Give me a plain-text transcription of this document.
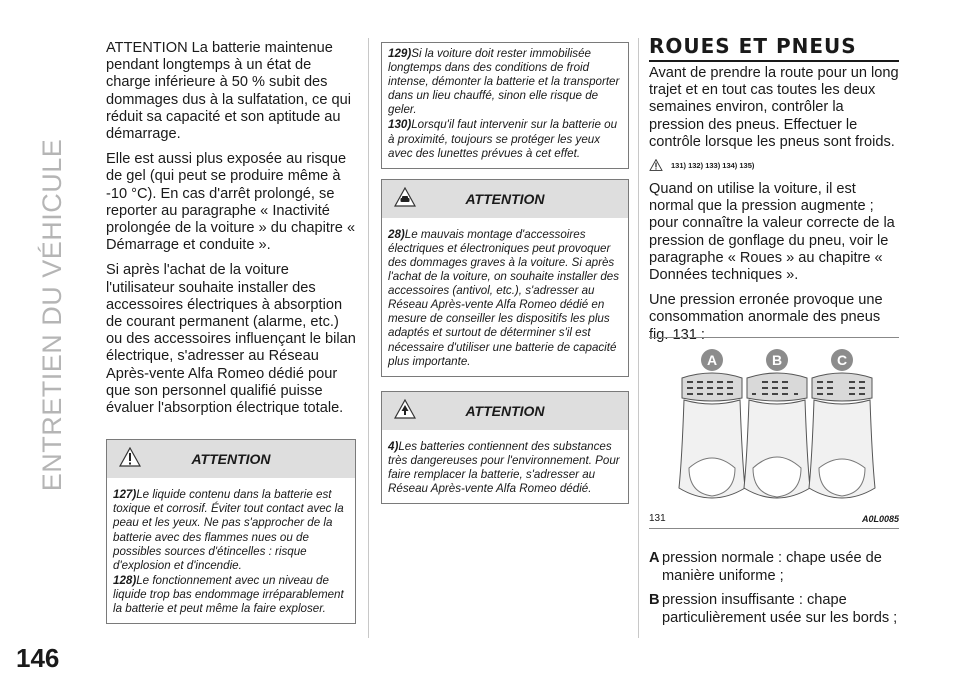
ENTRETIEN DU VÉHICULE
146

ATTENTION La batterie maintenue pendant longtemps à un état de charge inférieure à 50 % subit des dommages dus à la sulfatation, ce qui réduit sa capacité et son aptitude au démarrage.

Elle est aussi plus exposée au risque de gel (qui peut se produire même à -10 °C). En cas d'arrêt prolongé, se reporter au paragraphe « Inactivité prolongée de la voiture » du chapitre « Démarrage et conduite ».

Si après l'achat de la voiture l'utilisateur souhaite installer des accessoires électriques à absorption de courant permanent (alarme, etc.) ou des accessoires influençant le bilan électrique, s'adresser au Réseau Après-vente Alfa Romeo dédié pour que son personnel qualifié puisse évaluer l'absorption électrique totale.

ATTENTION
127)Le liquide contenu dans la batterie est toxique et corrosif. Éviter tout contact avec la peau et les yeux. Ne pas s'approcher de la batterie avec des flammes nues ou de possibles sources d'étincelles : risque d'explosion et d'incendie.
128)Le fonctionnement avec un niveau de liquide trop bas endommage irréparablement la batterie et peut même la faire exploser.
129)Si la voiture doit rester immobilisée longtemps dans des conditions de froid intense, démonter la batterie et la transporter dans un lieu chauffé, sinon elle risque de geler.
130)Lorsqu'il faut intervenir sur la batterie ou à proximité, toujours se protéger les yeux avec des lunettes prévues à cet effet.
ATTENTION
28)Le mauvais montage d'accessoires électriques et électroniques peut provoquer des dommages graves à la voiture. Si après l'achat de la voiture, on souhaite installer des accessoires (antivol, etc.), s'adresser au Réseau Après-vente Alfa Romeo dédié en mesure de conseiller les dispositifs les plus adaptés et surtout de déterminer s'il est nécessaire d'utiliser une batterie de capacité plus importante.
ATTENTION
4)Les batteries contiennent des substances très dangereuses pour l'environnement. Pour faire remplacer la batterie, s'adresser au Réseau Après-vente Alfa Romeo dédié.
ROUES ET PNEUS

Avant de prendre la route pour un long trajet et en tout cas toutes les deux semaines environ, contrôler la pression des pneus. Effectuer le contrôle lorsque les pneus sont froids.

131) 132) 133) 134) 135)

Quand on utilise la voiture, il est normal que la pression augmente ; pour connaître la valeur correcte de la pression de gonflage du pneu, voir le paragraphe « Roues » au chapitre « Données techniques ».

Une pression erronée provoque une consommation anormale des pneus fig. 131 :

A	B	C
131	A0L0085
A pression normale : chape usée de manière uniforme ;
B pression insuffisante : chape particulièrement usée sur les bords ;
